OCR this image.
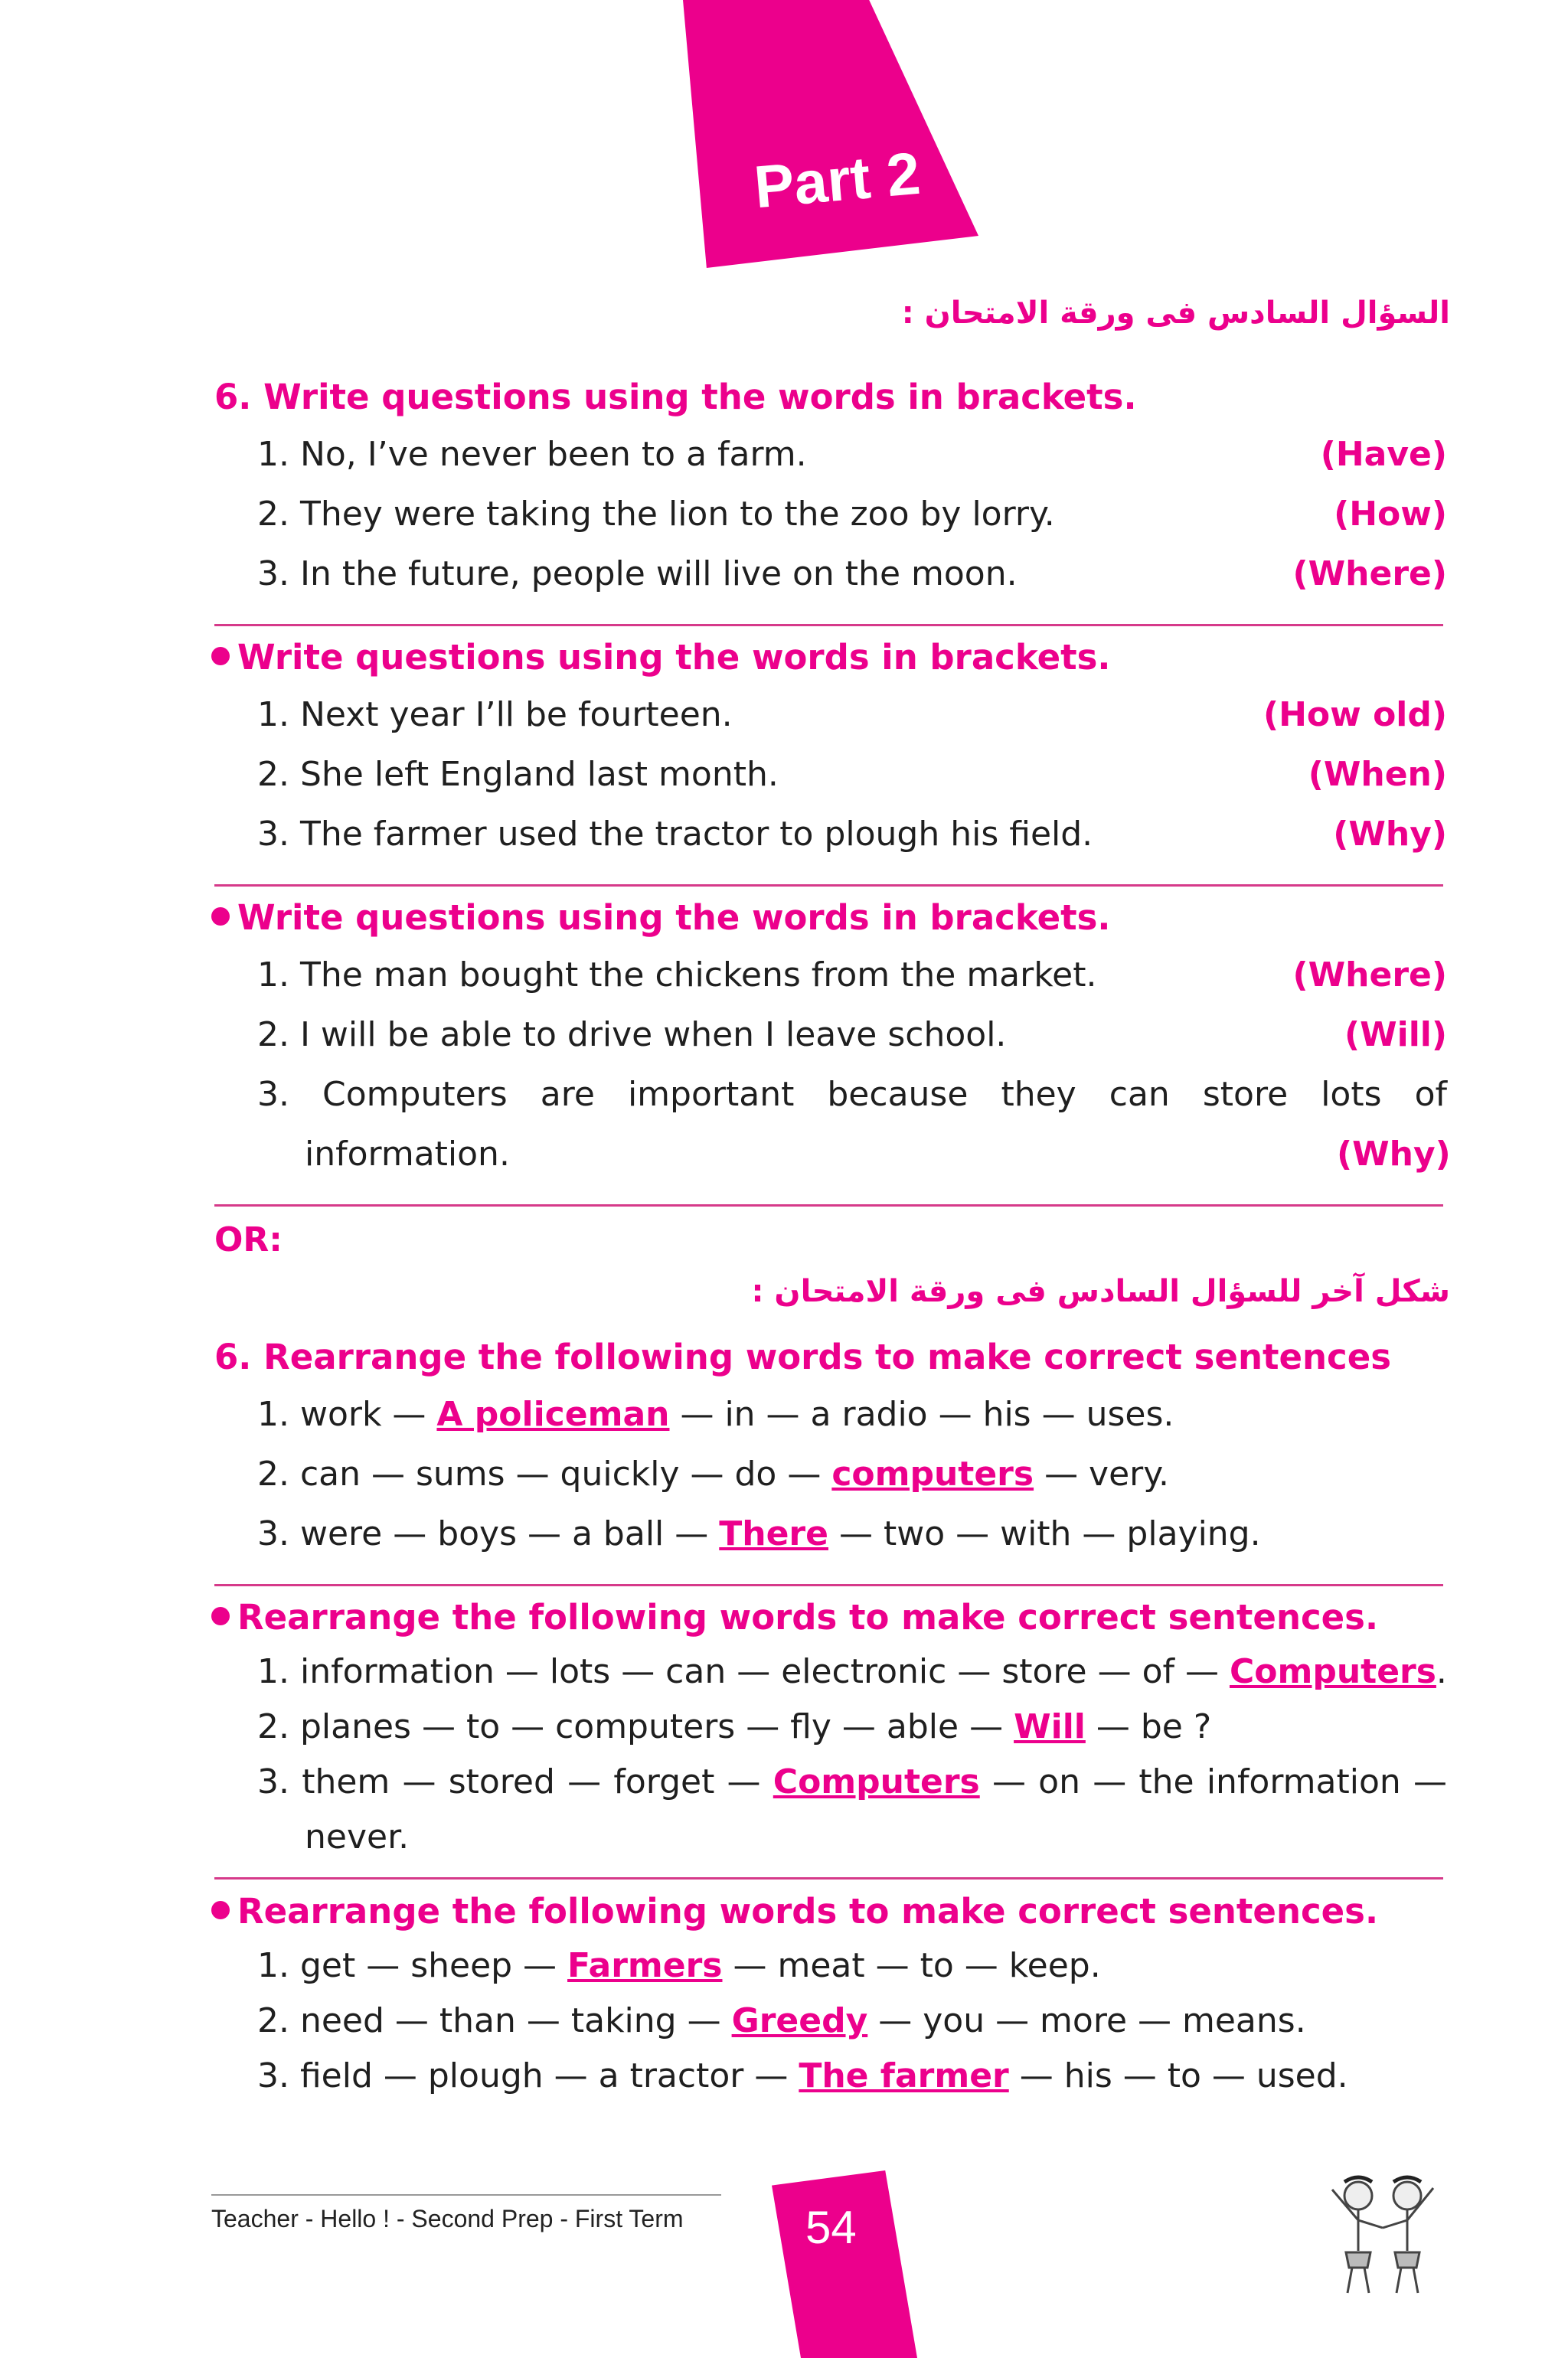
Part 2
السؤال السادس فى ورقة الامتحان :
6. Write questions using the words in brackets.
1. No, I’ve never been to a farm.	(Have)
2. They were taking the lion to the zoo by lorry.	(How)
3. In the future, people will live on the moon.	(Where)
Write questions using the words in brackets.
1. Next year I’ll be fourteen.	(How old)
2. She left England last month.	(When)
3. The farmer used the tractor to plough his field.	(Why)
Write questions using the words in brackets.
1. The man bought the chickens from the market.	(Where)
2. I will be able to drive when I leave school.	(Will)
3. Computers are important because they can store lots of
information.	(Why)
OR:
شكل آخر للسؤال السادس فى ورقة الامتحان :
6. Rearrange the following words to make correct sentences
1. work — A policeman — in — a radio — his — uses.
2. can — sums — quickly — do — computers — very.
3. were — boys — a ball — There — two — with — playing.
Rearrange the following words to make correct sentences.
1. information — lots — can — electronic — store — of — Computers.
2. planes — to — computers — fly — able — Will — be ?
3. them — stored — forget — Computers — on — the information —
never.
Rearrange the following words to make correct sentences.
1. get — sheep — Farmers — meat — to — keep.
2. need — than — taking — Greedy — you — more — means.
3. field — plough — a tractor — The farmer — his — to — used.
Teacher - Hello ! - Second Prep - First Term	54
